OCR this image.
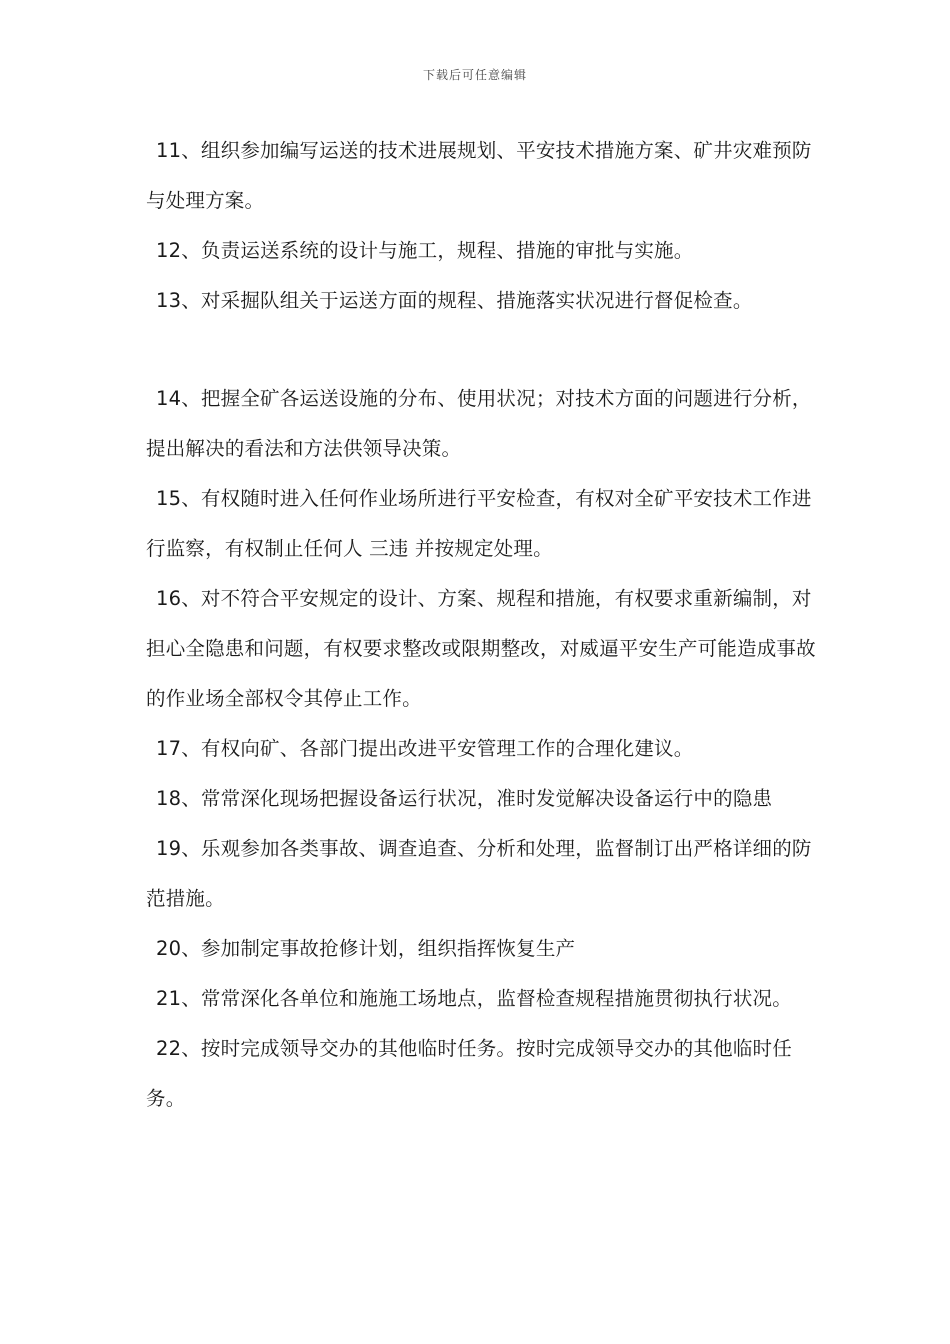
下载后可任意编辑

11、组织参加编写运送的技术进展规划、平安技术措施方案、矿井灾难预防与处理方案。

12、负责运送系统的设计与施工，规程、措施的审批与实施。

13、对采掘队组关于运送方面的规程、措施落实状况进行督促检查。

14、把握全矿各运送设施的分布、使用状况；对技术方面的问题进行分析，提出解决的看法和方法供领导决策。

15、有权随时进入任何作业场所进行平安检查，有权对全矿平安技术工作进行监察，有权制止任何人 三违 并按规定处理。

16、对不符合平安规定的设计、方案、规程和措施，有权要求重新编制，对担心全隐患和问题，有权要求整改或限期整改，对威逼平安生产可能造成事故的作业场全部权令其停止工作。

17、有权向矿、各部门提出改进平安管理工作的合理化建议。

18、常常深化现场把握设备运行状况，准时发觉解决设备运行中的隐患

19、乐观参加各类事故、调查追查、分析和处理，监督制订出严格详细的防范措施。

20、参加制定事故抢修计划，组织指挥恢复生产

21、常常深化各单位和施施工场地点，监督检查规程措施贯彻执行状况。

22、按时完成领导交办的其他临时任务。按时完成领导交办的其他临时任务。
